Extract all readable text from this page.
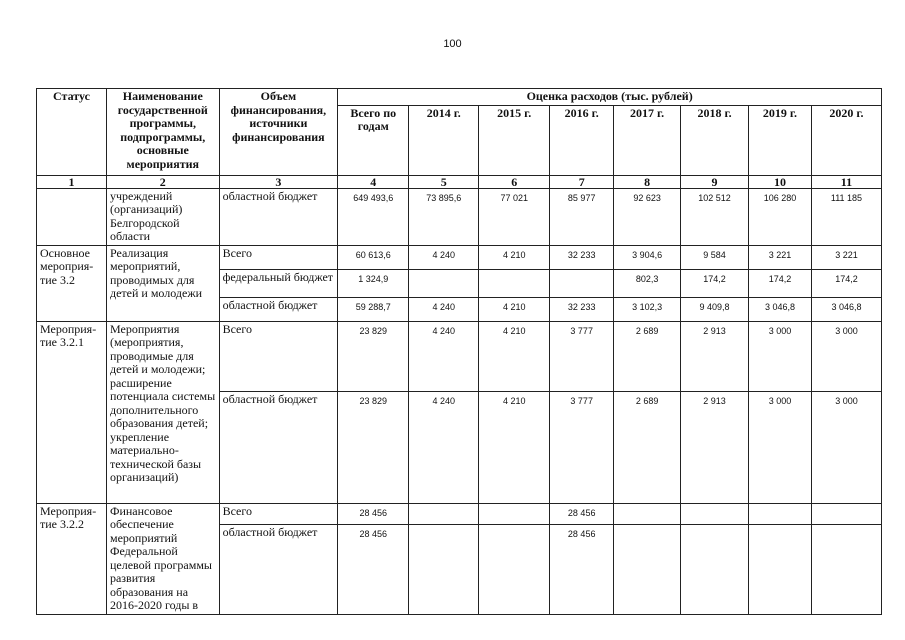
100
Статус	Наименование государственной программы, подпрограммы, основные мероприятия	Объем финансирования, источники финансирования	Оценка расходов (тыс. рублей)							
			Всего по годам	2014 г.	2015 г.	2016 г.	2017 г.	2018 г.	2019 г.	2020 г.
1	2	3	4	5	6	7	8	9	10	11
	учреждений (организаций) Белгородской области	областной бюджет	649 493,6	73 895,6	77 021	85 977	92 623	102 512	106 280	111 185
Основное мероприя-тие 3.2	Реализация мероприятий, проводимых для детей и молодежи	Всего	60 613,6	4 240	4 210	32 233	3 904,6	9 584	3 221	3 221
		федеральный бюджет	1 324,9				802,3	174,2	174,2	174,2
		областной бюджет	59 288,7	4 240	4 210	32 233	3 102,3	9 409,8	3 046,8	3 046,8
Мероприя-тие 3.2.1	Мероприятия (мероприятия, проводимые для детей и молодежи; расширение потенциала системы дополнительного образования детей; укрепление материально-технической базы организаций)	Всего	23 829	4 240	4 210	3 777	2 689	2 913	3 000	3 000
		областной бюджет	23 829	4 240	4 210	3 777	2 689	2 913	3 000	3 000
Мероприя-тие 3.2.2	Финансовое обеспечение мероприятий Федеральной целевой программы развития образования на 2016-2020 годы в	Всего	28 456			28 456				
		областной бюджет	28 456			28 456				
